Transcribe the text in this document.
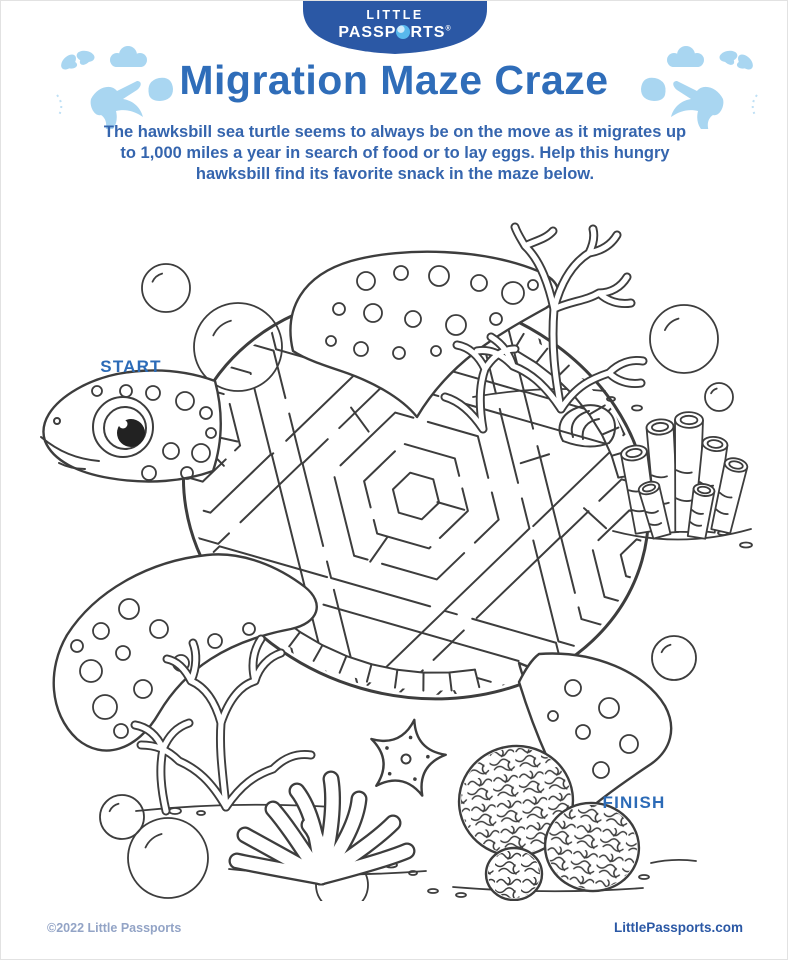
LITTLE
PASSP RTS®
Migration Maze Craze

The hawksbill sea turtle seems to always be on the move as it migrates up to 1,000 miles a year in search of food or to lay eggs. Help this hungry hawksbill find its favorite snack in the maze below.

START
FINISH
©2022 Little Passports	LittlePassports.com
